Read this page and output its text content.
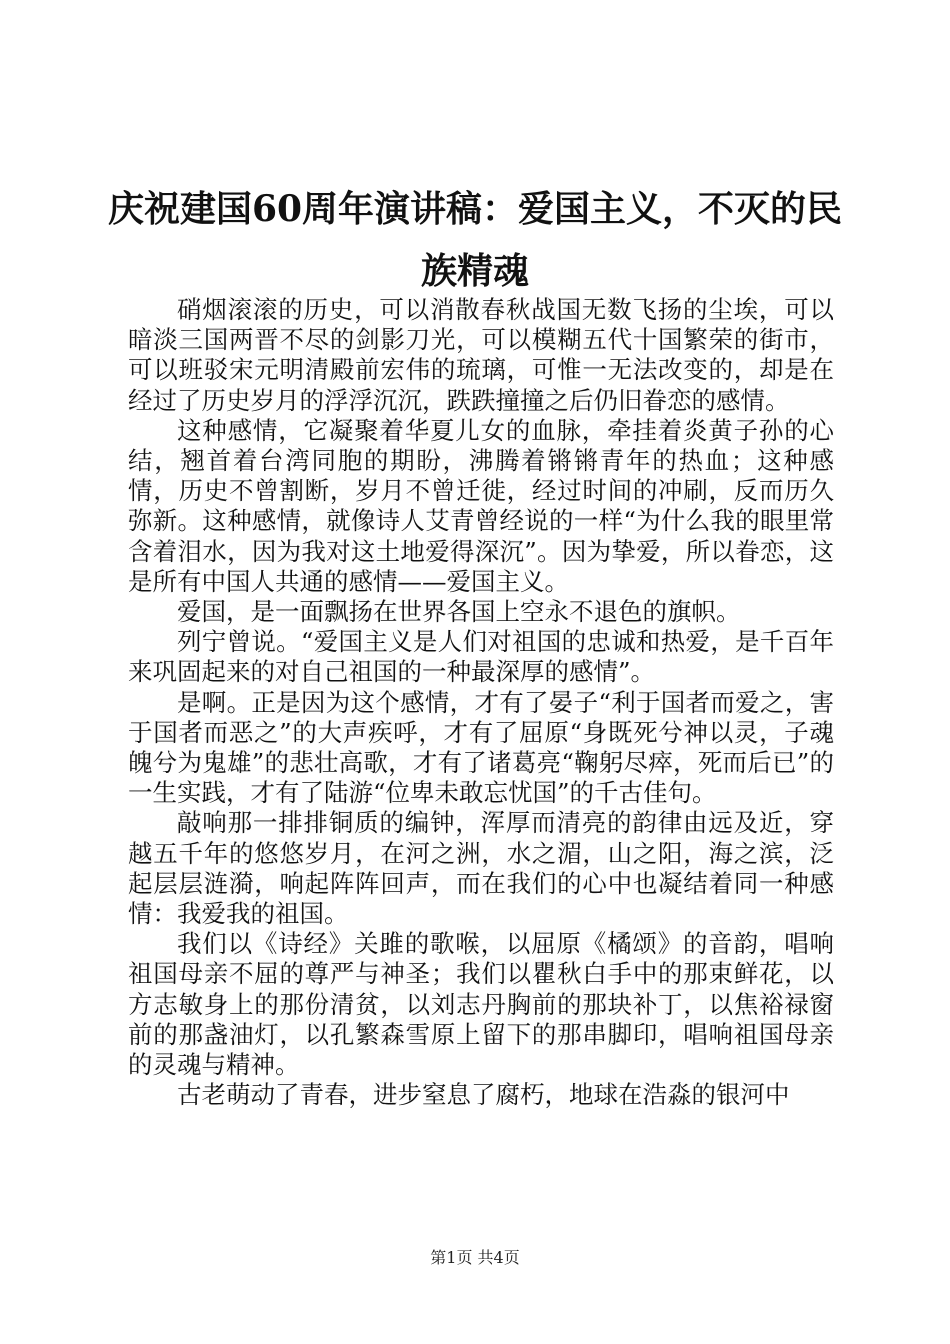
庆祝建国60周年演讲稿：爱国主义，不灭的民族精魂

硝烟滚滚的历史，可以消散春秋战国无数飞扬的尘埃，可以暗淡三国两晋不尽的剑影刀光，可以模糊五代十国繁荣的街市，可以班驳宋元明清殿前宏伟的琉璃，可惟一无法改变的，却是在经过了历史岁月的浮浮沉沉，跌跌撞撞之后仍旧眷恋的感情。

这种感情，它凝聚着华夏儿女的血脉，牵挂着炎黄子孙的心结，翘首着台湾同胞的期盼，沸腾着锵锵青年的热血；这种感情，历史不曾割断，岁月不曾迁徙，经过时间的冲刷，反而历久弥新。这种感情，就像诗人艾青曾经说的一样“为什么我的眼里常含着泪水，因为我对这土地爱得深沉”。因为挚爱，所以眷恋，这是所有中国人共通的感情——爱国主义。

爱国，是一面飘扬在世界各国上空永不退色的旗帜。

列宁曾说。“爱国主义是人们对祖国的忠诚和热爱，是千百年来巩固起来的对自己祖国的一种最深厚的感情”。

是啊。正是因为这个感情，才有了晏子“利于国者而爱之，害于国者而恶之”的大声疾呼，才有了屈原“身既死兮神以灵，子魂魄兮为鬼雄”的悲壮高歌，才有了诸葛亮“鞠躬尽瘁，死而后已”的一生实践，才有了陆游“位卑未敢忘忧国”的千古佳句。

敲响那一排排铜质的编钟，浑厚而清亮的韵律由远及近，穿越五千年的悠悠岁月，在河之洲，水之湄，山之阳，海之滨，泛起层层涟漪，响起阵阵回声，而在我们的心中也凝结着同一种感情：我爱我的祖国。

我们以《诗经》关雎的歌喉，以屈原《橘颂》的音韵，唱响祖国母亲不屈的尊严与神圣；我们以瞿秋白手中的那束鲜花，以方志敏身上的那份清贫，以刘志丹胸前的那块补丁，以焦裕禄窗前的那盏油灯，以孔繁森雪原上留下的那串脚印，唱响祖国母亲的灵魂与精神。

古老萌动了青春，进步窒息了腐朽，地球在浩淼的银河中

第1页 共4页
